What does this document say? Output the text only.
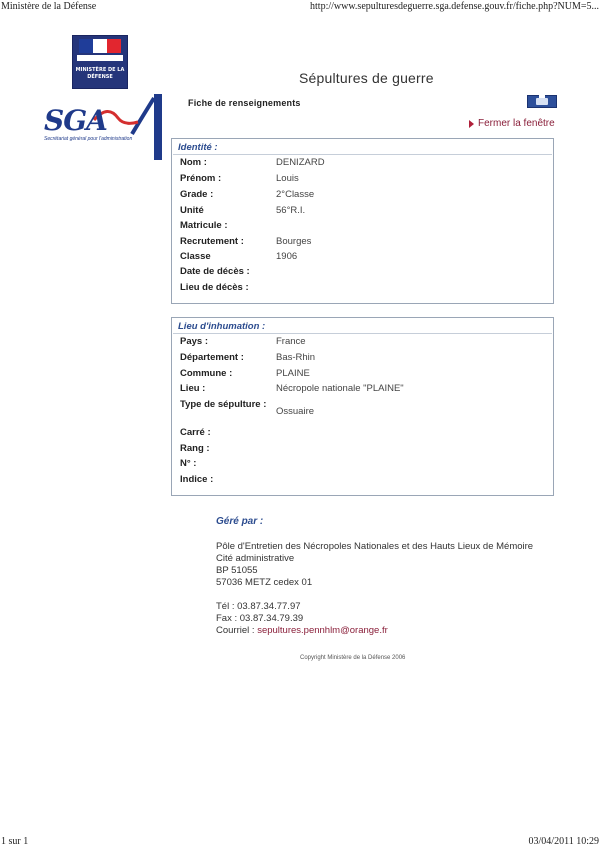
Ministère de la Défense	http://www.sepulturesdeguerre.sga.defense.gouv.fr/fiche.php?NUM=5...
MINISTÈRE DE LA DÉFENSE	Sépultures de guerre
SGA
Secrétariat général pour l'administration
Fiche de renseignements
Fermer la fenêtre
Identité :
Nom :	DENIZARD
Prénom :	Louis
Grade :	2°Classe
Unité	56°R.I.
Matricule :
Recrutement :	Bourges
Classe	1906
Date de décès :
Lieu de décès :
Lieu d'inhumation :
Pays :	France
Département :	Bas-Rhin
Commune :	PLAINE
Lieu :	Nécropole nationale "PLAINE"
Type de sépulture :
Ossuaire
Carré :
Rang :
N° :
Indice :
Géré par :
Pôle d'Entretien des Nécropoles Nationales et des Hauts Lieux de Mémoire
Cité administrative
BP 51055
57036 METZ cedex 01
Tél : 03.87.34.77.97
Fax : 03.87.34.79.39
Courriel : sepultures.pennhlm@orange.fr
Copyright Ministère de la Défense 2006
1 sur 1	03/04/2011 10:29
